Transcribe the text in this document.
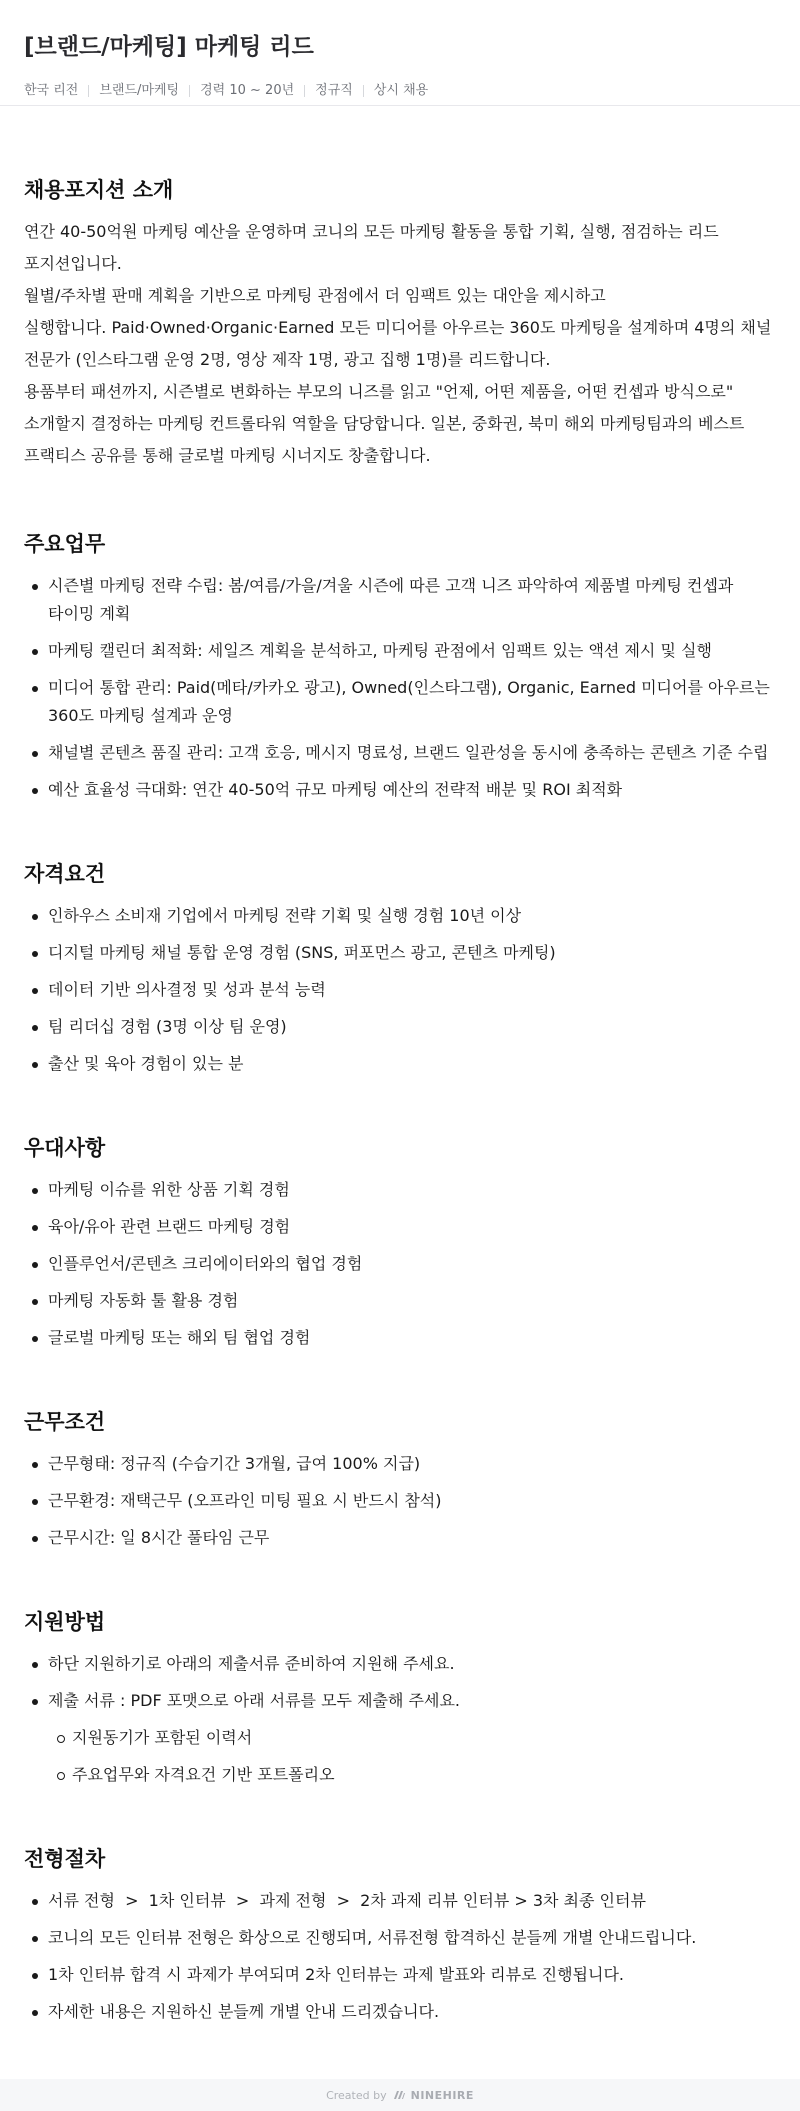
[브랜드/마케팅] 마케팅 리드
한국 리전 브랜드/마케팅 경력 10 ~ 20년 정규직 상시 채용
채용포지션 소개

연간 40-50억원 마케팅 예산을 운영하며 코니의 모든 마케팅 활동을 통합 기획, 실행, 점검하는 리드

포지션입니다.

월별/주차별 판매 계획을 기반으로 마케팅 관점에서 더 임팩트 있는 대안을 제시하고

실행합니다. Paid·Owned·Organic·Earned 모든 미디어를 아우르는 360도 마케팅을 설계하며 4명의 채널

전문가 (인스타그램 운영 2명, 영상 제작 1명, 광고 집행 1명)를 리드합니다.

용품부터 패션까지, 시즌별로 변화하는 부모의 니즈를 읽고 "언제, 어떤 제품을, 어떤 컨셉과 방식으로"

소개할지 결정하는 마케팅 컨트롤타워 역할을 담당합니다. 일본, 중화권, 북미 해외 마케팅팀과의 베스트

프랙티스 공유를 통해 글로벌 마케팅 시너지도 창출합니다.

주요업무
시즌별 마케팅 전략 수립: 봄/여름/가을/겨울 시즌에 따른 고객 니즈 파악하여 제품별 마케팅 컨셉과
타이밍 계획
마케팅 캘린더 최적화: 세일즈 계획을 분석하고, 마케팅 관점에서 임팩트 있는 액션 제시 및 실행
미디어 통합 관리: Paid(메타/카카오 광고), Owned(인스타그램), Organic, Earned 미디어를 아우르는
360도 마케팅 설계과 운영
채널별 콘텐츠 품질 관리: 고객 호응, 메시지 명료성, 브랜드 일관성을 동시에 충족하는 콘텐츠 기준 수립
예산 효율성 극대화: 연간 40-50억 규모 마케팅 예산의 전략적 배분 및 ROI 최적화
자격요건
인하우스 소비재 기업에서 마케팅 전략 기획 및 실행 경험 10년 이상
디지털 마케팅 채널 통합 운영 경험 (SNS, 퍼포먼스 광고, 콘텐츠 마케팅)
데이터 기반 의사결정 및 성과 분석 능력
팀 리더십 경험 (3명 이상 팀 운영)
출산 및 육아 경험이 있는 분
우대사항
마케팅 이슈를 위한 상품 기획 경험
육아/유아 관련 브랜드 마케팅 경험
인플루언서/콘텐츠 크리에이터와의 협업 경험
마케팅 자동화 툴 활용 경험
글로벌 마케팅 또는 해외 팀 협업 경험
근무조건
근무형태: 정규직 (수습기간 3개월, 급여 100% 지급)
근무환경: 재택근무 (오프라인 미팅 필요 시 반드시 참석)
근무시간: 일 8시간 풀타임 근무
지원방법
하단 지원하기로 아래의 제출서류 준비하여 지원해 주세요.
제출 서류 : PDF 포맷으로 아래 서류를 모두 제출해 주세요.
지원동기가 포함된 이력서
주요업무와 자격요건 기반 포트폴리오
전형절차
서류 전형  >  1차 인터뷰  >  과제 전형  >  2차 과제 리뷰 인터뷰 > 3차 최종 인터뷰
코니의 모든 인터뷰 전형은 화상으로 진행되며, 서류전형 합격하신 분들께 개별 안내드립니다.
1차 인터뷰 합격 시 과제가 부여되며 2차 인터뷰는 과제 발표와 리뷰로 진행됩니다.
자세한 내용은 지원하신 분들께 개별 안내 드리겠습니다.
Created by NINEHIRE
